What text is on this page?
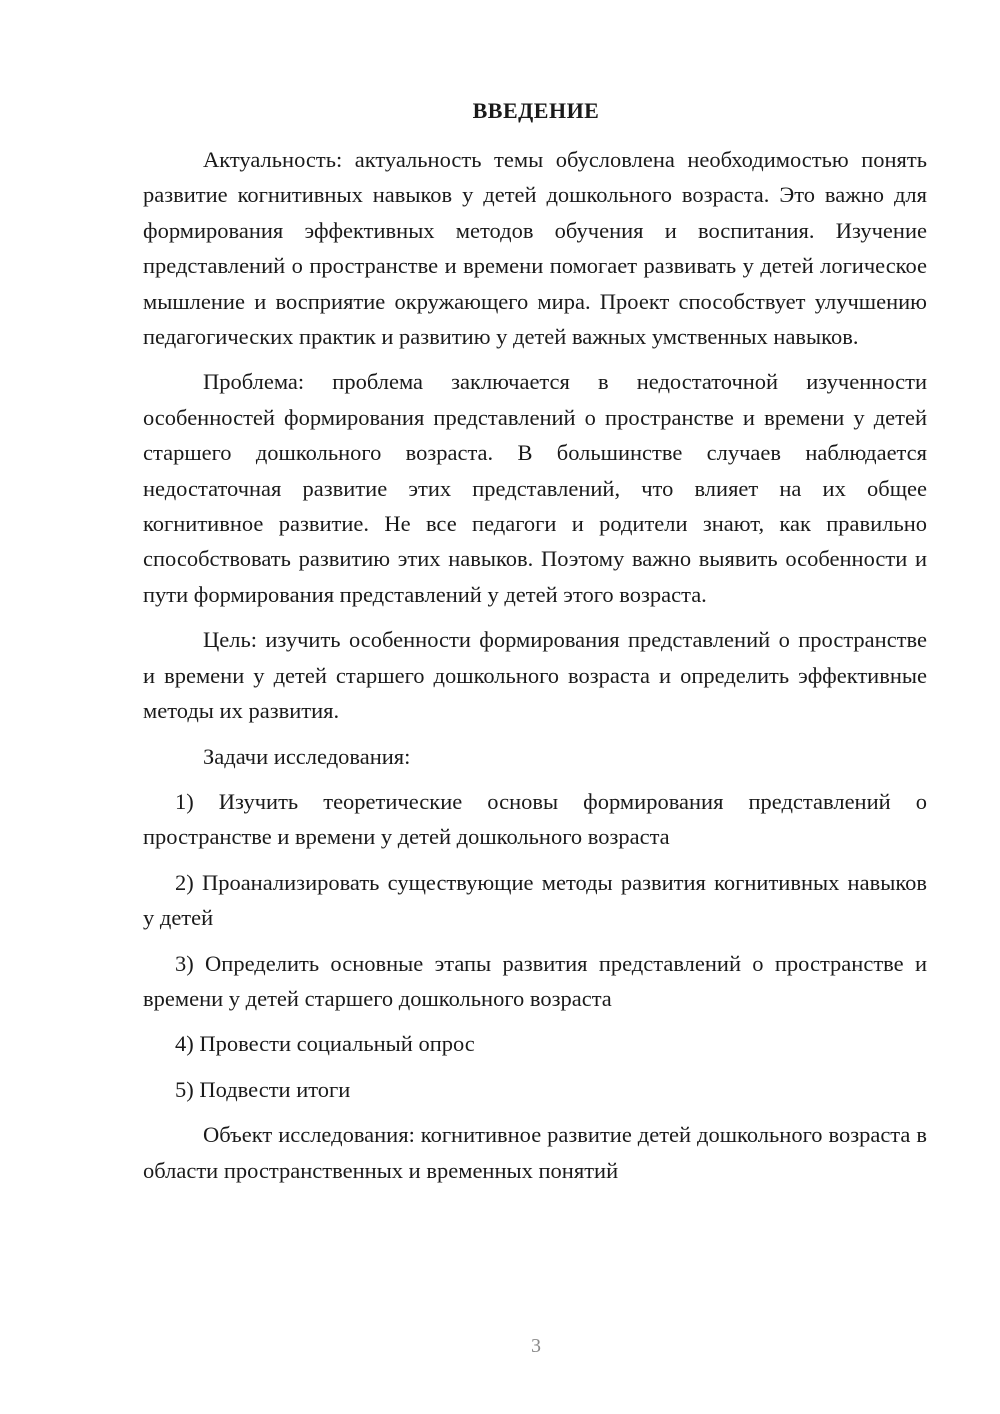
ВВЕДЕНИЕ

Актуальность: актуальность темы обусловлена необходимостью понять развитие когнитивных навыков у детей дошкольного возраста. Это важно для формирования эффективных методов обучения и воспитания. Изучение представлений о пространстве и времени помогает развивать у детей логическое мышление и восприятие окружающего мира. Проект способствует улучшению педагогических практик и развитию у детей важных умственных навыков.

Проблема: проблема заключается в недостаточной изученности особенностей формирования представлений о пространстве и времени у детей старшего дошкольного возраста. В большинстве случаев наблюдается недостаточная развитие этих представлений, что влияет на их общее когнитивное развитие. Не все педагоги и родители знают, как правильно способствовать развитию этих навыков. Поэтому важно выявить особенности и пути формирования представлений у детей этого возраста.

Цель: изучить особенности формирования представлений о пространстве и времени у детей старшего дошкольного возраста и определить эффективные методы их развития.

Задачи исследования:

1) Изучить теоретические основы формирования представлений о пространстве и времени у детей дошкольного возраста

2) Проанализировать существующие методы развития когнитивных навыков у детей

3) Определить основные этапы развития представлений о пространстве и времени у детей старшего дошкольного возраста

4) Провести социальный опрос

5) Подвести итоги

Объект исследования: когнитивное развитие детей дошкольного возраста в области пространственных и временных понятий

3
